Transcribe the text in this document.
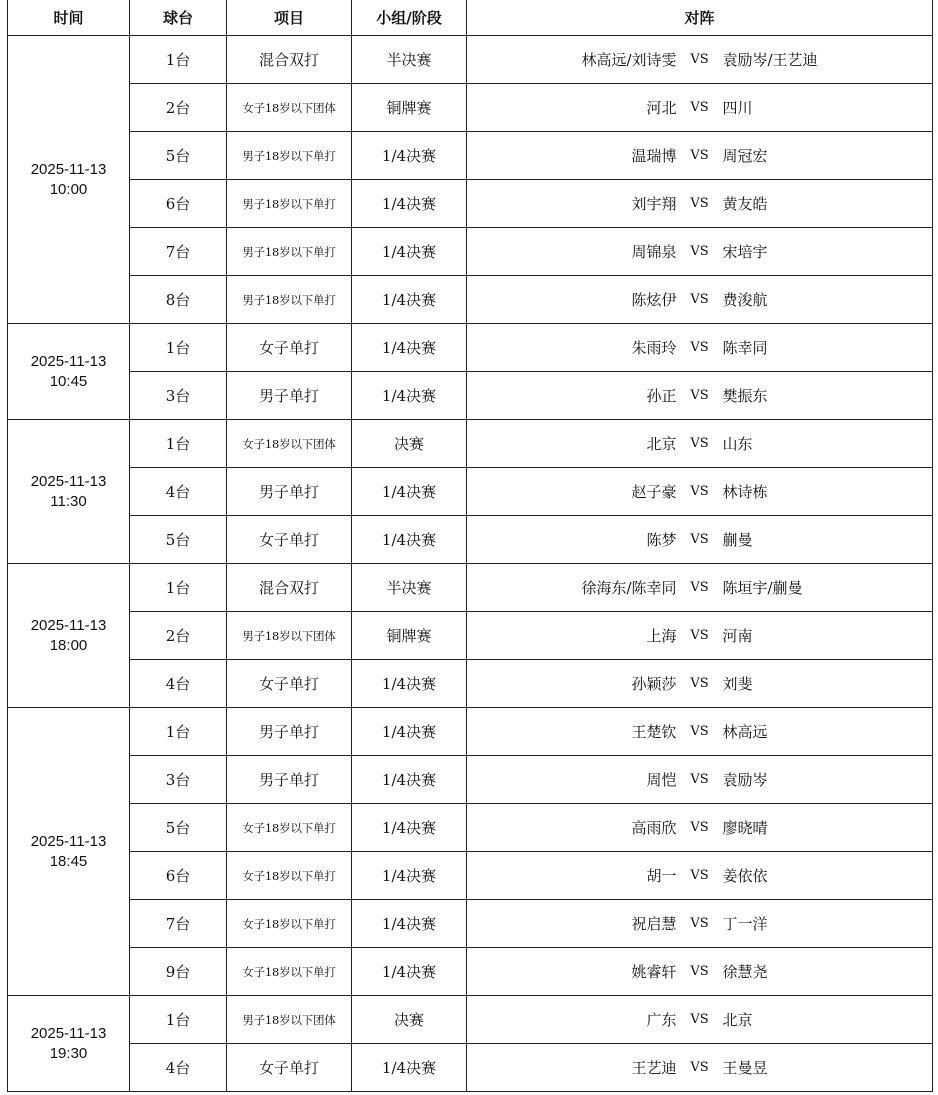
时间	球台	项目	小组/阶段	对阵

2025-11-13
10:00	1台	混合双打	半决赛	林高远/刘诗雯 VS 袁励岑/王艺迪

	2台	女子18岁以下团体	铜牌赛	河北 VS 四川

	5台	男子18岁以下单打	1/4决赛	温瑞博 VS 周冠宏

	6台	男子18岁以下单打	1/4决赛	刘宇翔 VS 黄友皓

	7台	男子18岁以下单打	1/4决赛	周锦泉 VS 宋培宇

	8台	男子18岁以下单打	1/4决赛	陈炫伊 VS 费浚航

2025-11-13
10:45	1台	女子单打	1/4决赛	朱雨玲 VS 陈幸同

	3台	男子单打	1/4决赛	孙正 VS 樊振东

2025-11-13
11:30	1台	女子18岁以下团体	决赛	北京 VS 山东

	4台	男子单打	1/4决赛	赵子豪 VS 林诗栋

	5台	女子单打	1/4决赛	陈梦 VS 蒯曼

2025-11-13
18:00	1台	混合双打	半决赛	徐海东/陈幸同 VS 陈垣宇/蒯曼

	2台	男子18岁以下团体	铜牌赛	上海 VS 河南

	4台	女子单打	1/4决赛	孙颖莎 VS 刘斐

2025-11-13
18:45	1台	男子单打	1/4决赛	王楚钦 VS 林高远

	3台	男子单打	1/4决赛	周恺 VS 袁励岑

	5台	女子18岁以下单打	1/4决赛	高雨欣 VS 廖晓晴

	6台	女子18岁以下单打	1/4决赛	胡一 VS 姜依依

	7台	女子18岁以下单打	1/4决赛	祝启慧 VS 丁一洋

	9台	女子18岁以下单打	1/4决赛	姚睿轩 VS 徐慧尧

2025-11-13
19:30	1台	男子18岁以下团体	决赛	广东 VS 北京

	4台	女子单打	1/4决赛	王艺迪 VS 王曼昱
